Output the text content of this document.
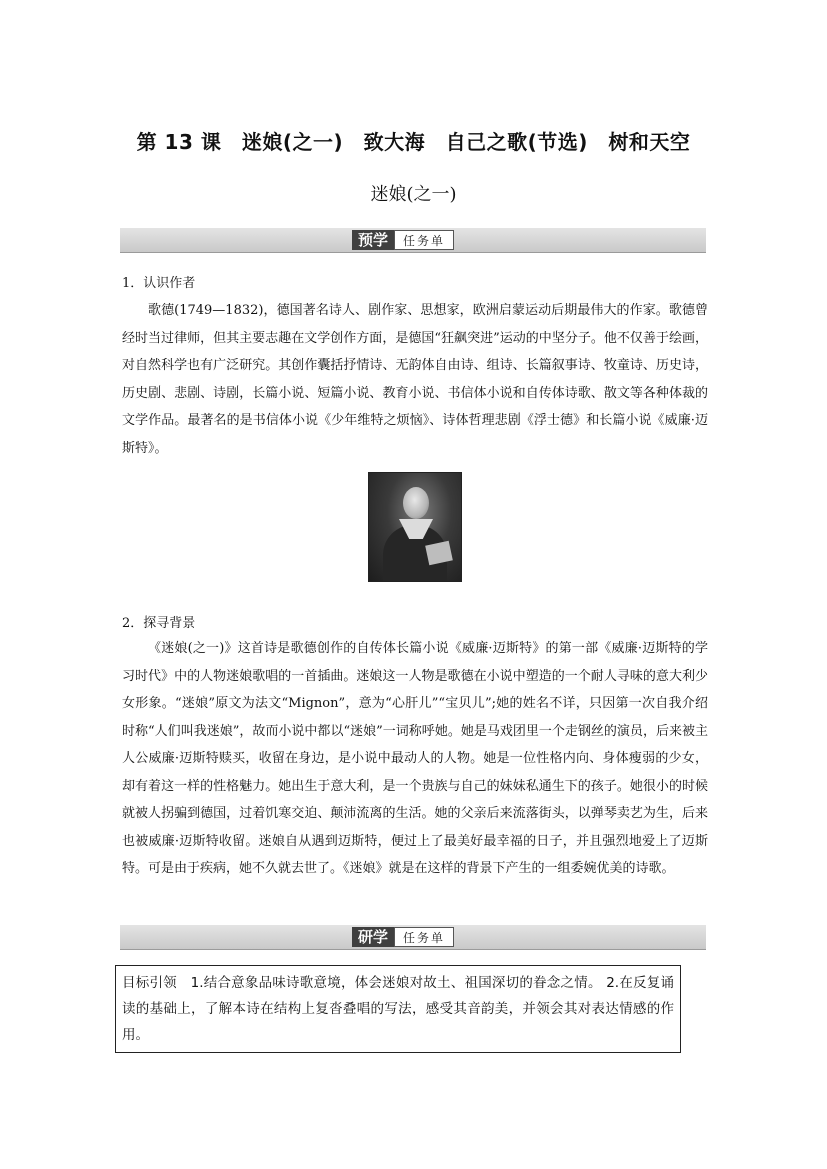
第 13 课　迷娘(之一)　致大海　自己之歌(节选)　树和天空
迷娘(之一)
预学	任务单
1．认识作者

歌德(1749—1832)，德国著名诗人、剧作家、思想家，欧洲启蒙运动后期最伟大的作家。歌德曾经时当过律师，但其主要志趣在文学创作方面，是德国“狂飙突进”运动的中坚分子。他不仅善于绘画，对自然科学也有广泛研究。其创作囊括抒情诗、无韵体自由诗、组诗、长篇叙事诗、牧童诗、历史诗，历史剧、悲剧、诗剧，长篇小说、短篇小说、教育小说、书信体小说和自传体诗歌、散文等各种体裁的文学作品。最著名的是书信体小说《少年维特之烦恼》、诗体哲理悲剧《浮士德》和长篇小说《威廉·迈斯特》。

2．探寻背景

《迷娘(之一)》这首诗是歌德创作的自传体长篇小说《威廉·迈斯特》的第一部《威廉·迈斯特的学习时代》中的人物迷娘歌唱的一首插曲。迷娘这一人物是歌德在小说中塑造的一个耐人寻味的意大利少女形象。“迷娘”原文为法文“Mignon”，意为“心肝儿”“宝贝儿”;她的姓名不详，只因第一次自我介绍时称“人们叫我迷娘”，故而小说中都以“迷娘”一词称呼她。她是马戏团里一个走钢丝的演员，后来被主人公威廉·迈斯特赎买，收留在身边，是小说中最动人的人物。她是一位性格内向、身体瘦弱的少女，却有着这一样的性格魅力。她出生于意大利，是一个贵族与自己的妹妹私通生下的孩子。她很小的时候就被人拐骗到德国，过着饥寒交迫、颠沛流离的生活。她的父亲后来流落街头，以弹琴卖艺为生，后来也被威廉·迈斯特收留。迷娘自从遇到迈斯特，便过上了最美好最幸福的日子，并且强烈地爱上了迈斯特。可是由于疾病，她不久就去世了。《迷娘》就是在这样的背景下产生的一组委婉优美的诗歌。

研学	任务单
目标引领　1.结合意象品味诗歌意境，体会迷娘对故土、祖国深切的眷念之情。 2.在反复诵读的基础上，了解本诗在结构上复沓叠唱的写法，感受其音韵美，并领会其对表达情感的作用。
